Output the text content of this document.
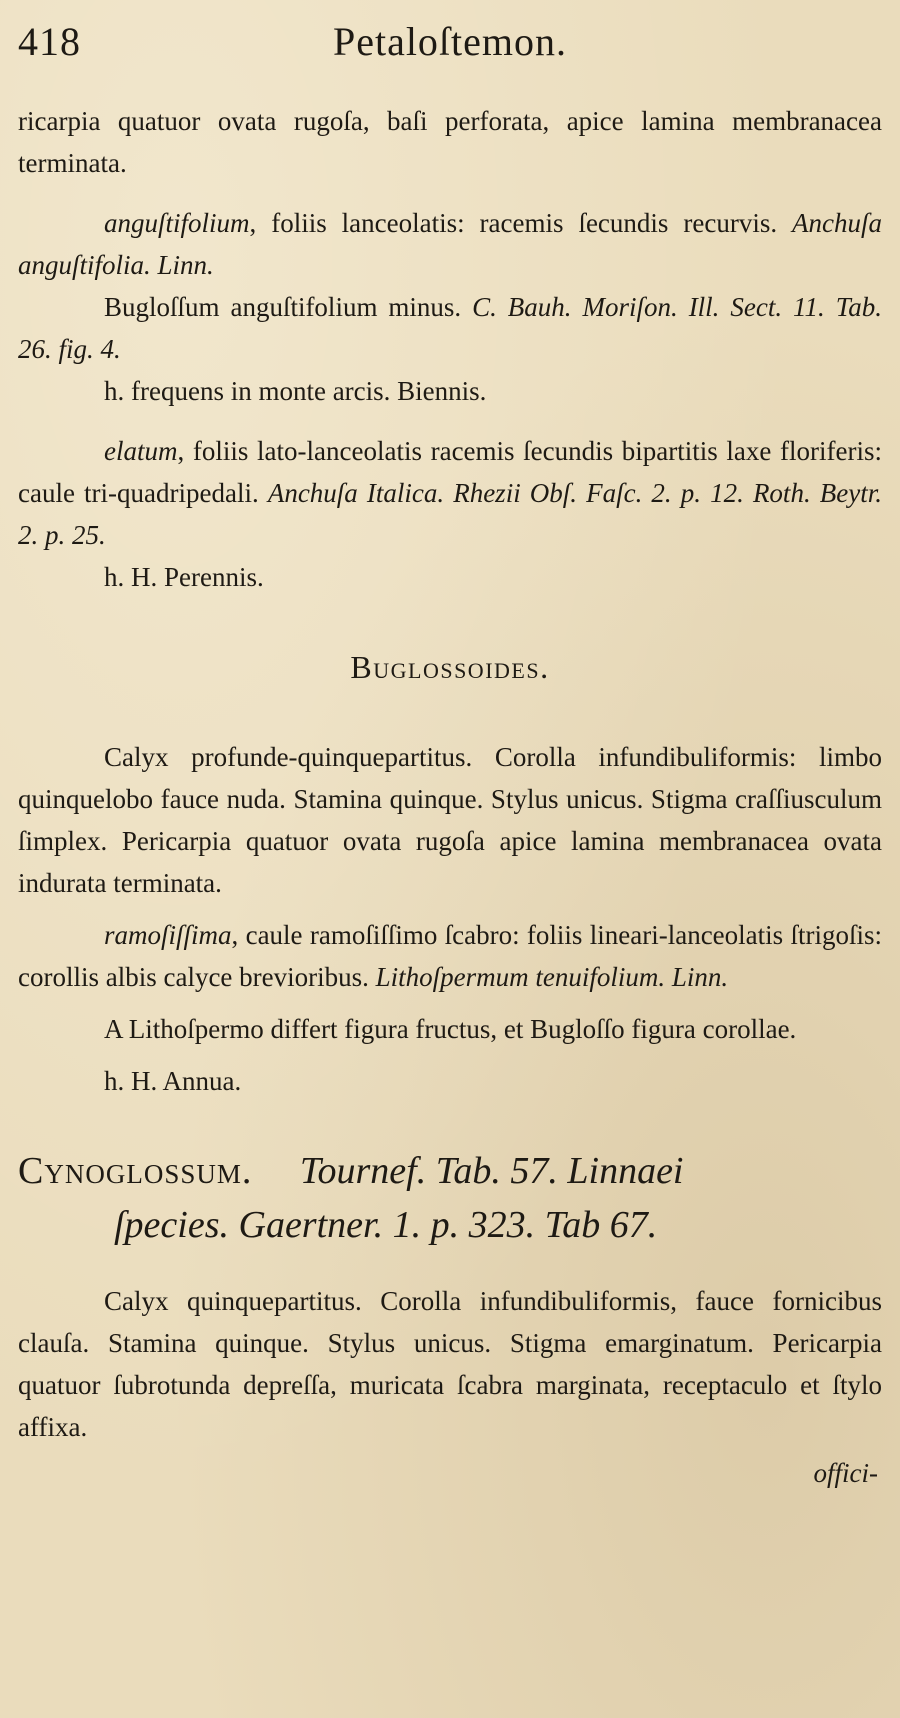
418	Petaloſtemon.

ricarpia quatuor ovata rugoſa, baſi perforata, apice lamina membranacea terminata.

anguſtifolium, foliis lanceolatis: racemis ſecundis recurvis. Anchuſa anguſtifolia. Linn.

Bugloſſum anguſtifolium minus. C. Bauh. Moriſon. Ill. Sect. 11. Tab. 26. fig. 4.

h. frequens in monte arcis. Biennis.

elatum, foliis lato-lanceolatis racemis ſecundis bipartitis laxe floriferis: caule tri-quadripedali. Anchuſa Italica. Rhezii Obſ. Faſc. 2. p. 12. Roth. Beytr. 2. p. 25.

h. H. Perennis.

Buglossoides.

Calyx profunde-quinquepartitus. Corolla infundibuliformis: limbo quinquelobo fauce nuda. Stamina quinque. Stylus unicus. Stigma craſſiusculum ſimplex. Pericarpia quatuor ovata rugoſa apice lamina membranacea ovata indurata terminata.

ramoſiſſima, caule ramoſiſſimo ſcabro: foliis lineari-lanceolatis ſtrigoſis: corollis albis calyce brevioribus. Lithoſpermum tenuifolium. Linn.

A Lithoſpermo differt figura fructus, et Bugloſſo figura corollae.

h. H. Annua.

Cynoglossum. Tournef. Tab. 57. Linnaei
ſpecies. Gaertner. 1. p. 323. Tab 67.

Calyx quinquepartitus. Corolla infundibuliformis, fauce fornicibus clauſa. Stamina quinque. Stylus unicus. Stigma emarginatum. Pericarpia quatuor ſubrotunda depreſſa, muricata ſcabra marginata, receptaculo et ſtylo affixa.

offici-
